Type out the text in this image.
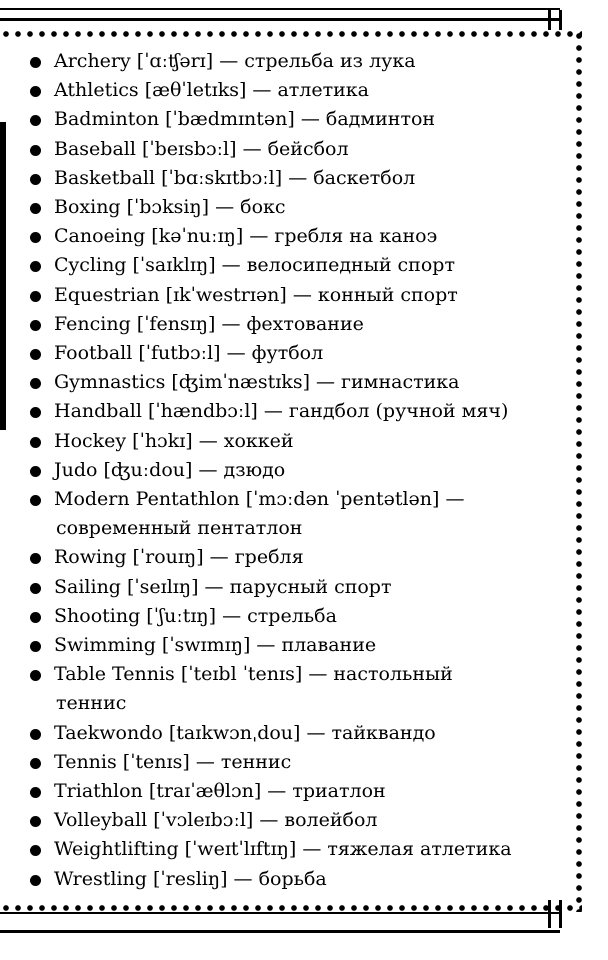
Archery [ˈɑːʧərɪ] — стрельба из лука
Athletics [æθˈletɪks] — атлетика
Badminton [ˈbædmɪntən] — бадминтон
Baseball [ˈbeɪsbɔːl] — бейсбол
Basketball [ˈbɑːskɪtbɔːl] — баскетбол
Boxing [ˈbɔksiŋ] — бокс
Canoeing [kəˈnuːɪŋ] — гребля на каноэ
Cycling [ˈsaɪklɪŋ] — велосипедный спорт
Equestrian [ɪkˈwestrɪən] — конный спорт
Fencing [ˈfensɪŋ] — фехтование
Football [ˈfutbɔːl] — футбол
Gymnastics [ʤimˈnæstɪks] — гимнастика
Handball [ˈhændbɔːl] — гандбол (ручной мяч)
Hockey [ˈhɔkɪ] — хоккей
Judo [ʤuːdou] — дзюдо
Modern Pentathlon [ˈmɔːdən ˈpentətlən] —
современный пентатлон
Rowing [ˈrouɪŋ] — гребля
Sailing [ˈseɪlɪŋ] — парусный спорт
Shooting [ˈʃuːtɪŋ] — стрельба
Swimming [ˈswɪmɪŋ] — плавание
Table Tennis [ˈteɪbl ˈtenɪs] — настольный
теннис
Taekwondo [taɪkwɔnˌdou] — тайквандо
Tennis [ˈtenɪs] — теннис
Triathlon [traɪˈæθlɔn] — триатлон
Volleyball [ˈvɔleɪbɔːl] — волейбол
Weightlifting [ˈweɪtˈlɪftɪŋ] — тяжелая атлетика
Wrestling [ˈresliŋ] — борьба
